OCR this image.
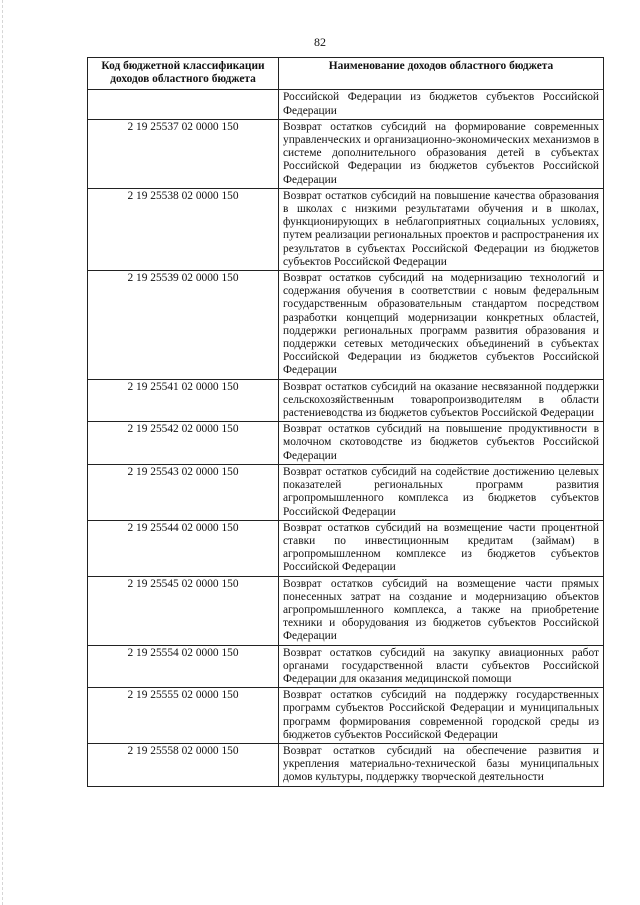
82
Код бюджетной классификации доходов областного бюджета	Наименование доходов областного бюджета
	Российской Федерации из бюджетов субъектов Российской Федерации
2 19 25537 02 0000 150	Возврат остатков субсидий на формирование современных управленческих и организационно-экономических механизмов в системе дополнительного образования детей в субъектах Российской Федерации из бюджетов субъектов Российской Федерации
2 19 25538 02 0000 150	Возврат остатков субсидий на повышение качества образования в школах с низкими результатами обучения и в школах, функционирующих в неблагоприятных социальных условиях, путем реализации региональных проектов и распространения их результатов в субъектах Российской Федерации из бюджетов субъектов Российской Федерации
2 19 25539 02 0000 150	Возврат остатков субсидий на модернизацию технологий и содержания обучения в соответствии с новым федеральным государственным образовательным стандартом посредством разработки концепций модернизации конкретных областей, поддержки региональных программ развития образования и поддержки сетевых методических объединений в субъектах Российской Федерации из бюджетов субъектов Российской Федерации
2 19 25541 02 0000 150	Возврат остатков субсидий на оказание несвязанной поддержки сельскохозяйственным товаропроизводителям в области растениеводства из бюджетов субъектов Российской Федерации
2 19 25542 02 0000 150	Возврат остатков субсидий на повышение продуктивности в молочном скотоводстве из бюджетов субъектов Российской Федерации
2 19 25543 02 0000 150	Возврат остатков субсидий на содействие достижению целевых показателей региональных программ развития агропромышленного комплекса из бюджетов субъектов Российской Федерации
2 19 25544 02 0000 150	Возврат остатков субсидий на возмещение части процентной ставки по инвестиционным кредитам (займам) в агропромышленном комплексе из бюджетов субъектов Российской Федерации
2 19 25545 02 0000 150	Возврат остатков субсидий на возмещение части прямых понесенных затрат на создание и модернизацию объектов агропромышленного комплекса, а также на приобретение техники и оборудования из бюджетов субъектов Российской Федерации
2 19 25554 02 0000 150	Возврат остатков субсидий на закупку авиационных работ органами государственной власти субъектов Российской Федерации для оказания медицинской помощи
2 19 25555 02 0000 150	Возврат остатков субсидий на поддержку государственных программ субъектов Российской Федерации и муниципальных программ формирования современной городской среды из бюджетов субъектов Российской Федерации
2 19 25558 02 0000 150	Возврат остатков субсидий на обеспечение развития и укрепления материально-технической базы муниципальных домов культуры, поддержку творческой деятельности
